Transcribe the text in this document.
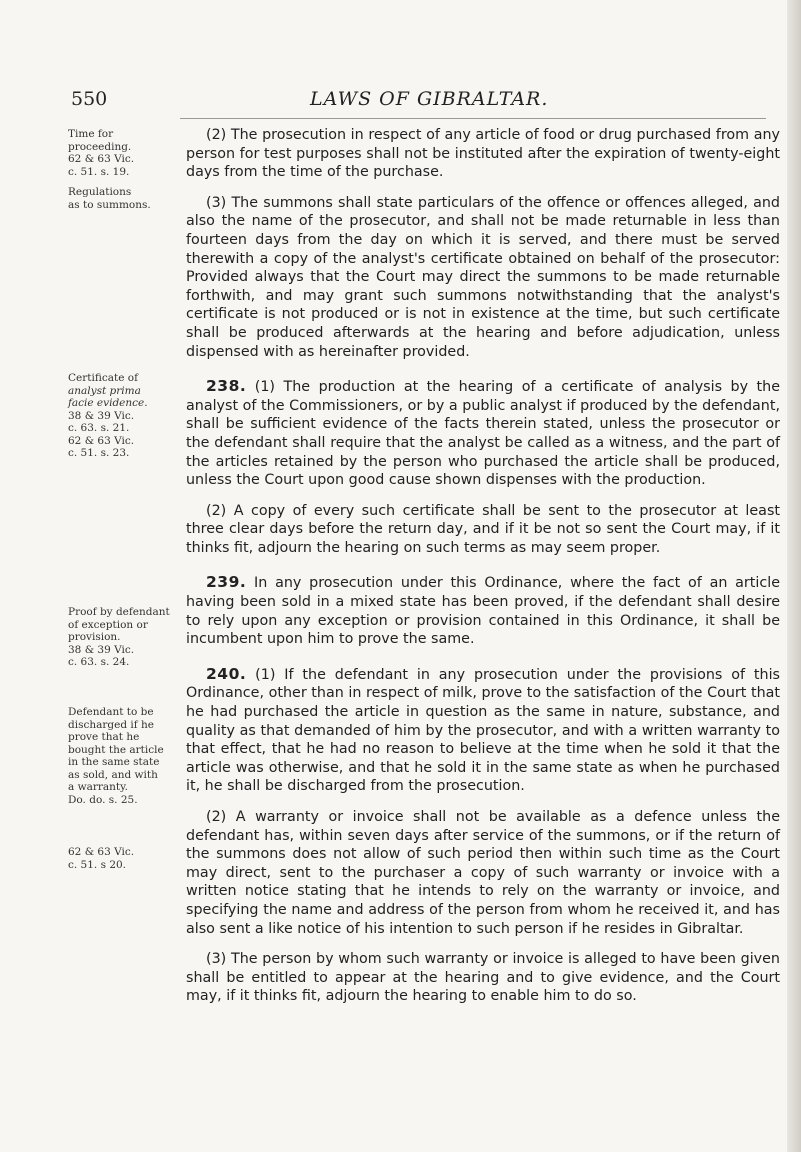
550	LAWS OF GIBRALTAR.
Time for
proceeding.
62 & 63 Vic.
c. 51. s. 19.
Regulations
as to summons.
Certificate of
analyst prima
facie evidence.
38 & 39 Vic.
c. 63. s. 21.
62 & 63 Vic.
c. 51. s. 23.
Proof by defendant
of exception or
provision.
38 & 39 Vic.
c. 63. s. 24.
Defendant to be
discharged if he
prove that he
bought the article
in the same state
as sold, and with
a warranty.
Do. do. s. 25.
62 & 63 Vic.
c. 51. s 20.

(2) The prosecution in respect of any article of food or drug purchased from any person for test purposes shall not be instituted after the expiration of twenty-eight days from the time of the purchase.

(3) The summons shall state particulars of the offence or offences alleged, and also the name of the prosecutor, and shall not be made returnable in less than fourteen days from the day on which it is served, and there must be served therewith a copy of the analyst's certificate obtained on behalf of the prosecutor: Provided always that the Court may direct the summons to be made returnable forthwith, and may grant such summons notwithstanding that the analyst's certificate is not produced or is not in existence at the time, but such certificate shall be produced afterwards at the hearing and before adjudication, unless dispensed with as hereinafter provided.

238. (1) The production at the hearing of a certificate of analysis by the analyst of the Commissioners, or by a public analyst if produced by the defendant, shall be sufficient evidence of the facts therein stated, unless the prosecutor or the defendant shall require that the analyst be called as a witness, and the part of the articles retained by the person who purchased the article shall be produced, unless the Court upon good cause shown dispenses with the production.

(2) A copy of every such certificate shall be sent to the prosecutor at least three clear days before the return day, and if it be not so sent the Court may, if it thinks fit, adjourn the hearing on such terms as may seem proper.

239. In any prosecution under this Ordinance, where the fact of an article having been sold in a mixed state has been proved, if the defendant shall desire to rely upon any exception or provision contained in this Ordinance, it shall be incumbent upon him to prove the same.

240. (1) If the defendant in any prosecution under the provisions of this Ordinance, other than in respect of milk, prove to the satisfaction of the Court that he had purchased the article in question as the same in nature, substance, and quality as that demanded of him by the prosecutor, and with a written warranty to that effect, that he had no reason to believe at the time when he sold it that the article was otherwise, and that he sold it in the same state as when he purchased it, he shall be discharged from the prosecution.

(2) A warranty or invoice shall not be available as a defence unless the defendant has, within seven days after service of the summons, or if the return of the summons does not allow of such period then within such time as the Court may direct, sent to the purchaser a copy of such warranty or invoice with a written notice stating that he intends to rely on the warranty or invoice, and specifying the name and address of the person from whom he received it, and has also sent a like notice of his intention to such person if he resides in Gibraltar.

(3) The person by whom such warranty or invoice is alleged to have been given shall be entitled to appear at the hearing and to give evidence, and the Court may, if it thinks fit, adjourn the hearing to enable him to do so.
